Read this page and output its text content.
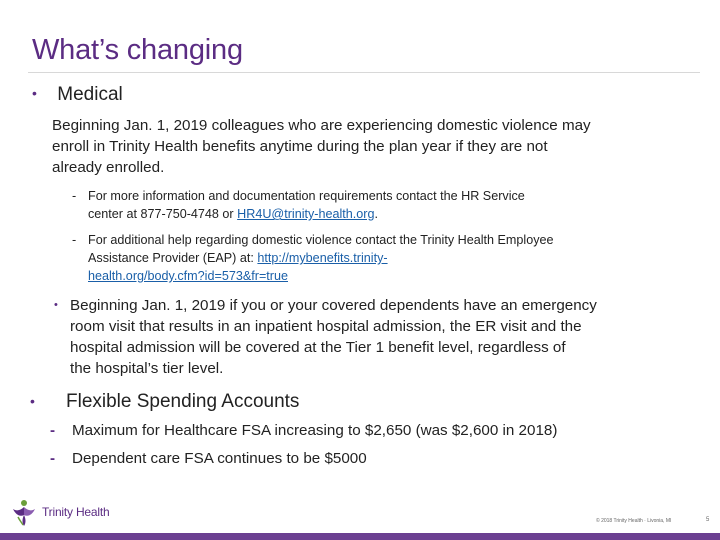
What’s changing
• Medical
Beginning Jan. 1, 2019 colleagues who are experiencing domestic violence may
enroll in Trinity Health benefits anytime during the plan year if they are not
already enrolled.
- For more information and documentation requirements contact the HR Service
center at 877-750-4748 or HR4U@trinity-health.org.
- For additional help regarding domestic violence contact the Trinity Health Employee
Assistance Provider (EAP) at: http://mybenefits.trinity-
health.org/body.cfm?id=573&fr=true
• Beginning Jan. 1, 2019 if you or your covered dependents have an emergency
room visit that results in an inpatient hospital admission, the ER visit and the
hospital admission will be covered at the Tier 1 benefit level, regardless of
the hospital’s tier level.
• Flexible Spending Accounts
- Maximum for Healthcare FSA increasing to $2,650 (was $2,600 in 2018)
- Dependent care FSA continues to be $5000
Trinity Health
© 2018 Trinity Health · Livonia, MI	5
